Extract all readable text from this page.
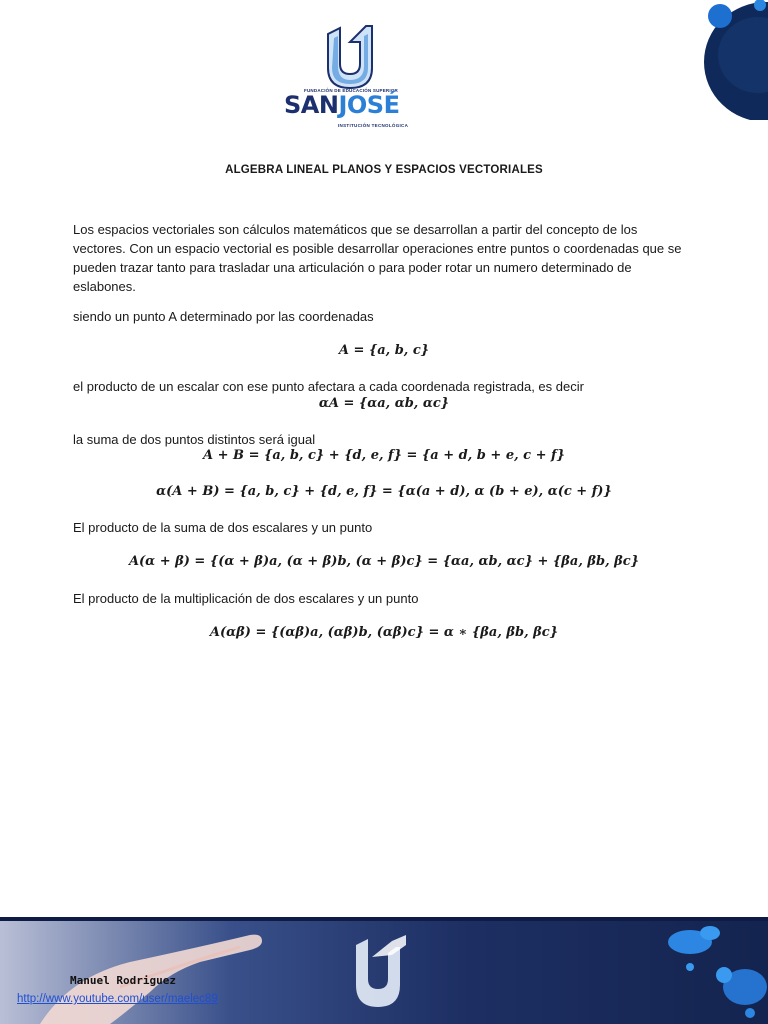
FUNDACIÓN DE EDUCACIÓN SUPERIOR
SANJOSÉ
INSTITUCIÓN TECNOLÓGICA
ALGEBRA LINEAL PLANOS Y ESPACIOS VECTORIALES
Los espacios vectoriales son cálculos matemáticos que se desarrollan a partir del concepto de los vectores. Con un espacio vectorial es posible desarrollar operaciones entre puntos o coordenadas que se pueden trazar tanto para trasladar una articulación o para poder rotar un numero determinado de eslabones.
siendo un punto A determinado por las coordenadas
A = {a, b, c}
el producto de un escalar con ese punto afectara a cada coordenada registrada, es decir
αA = {αa, αb, αc}
la suma de dos puntos distintos será igual
A + B = {a, b, c} + {d, e, f} = {a + d, b + e, c + f}
α(A + B) = {a, b, c} + {d, e, f} = {α(a + d), α (b + e), α(c + f)}
El producto de la suma de dos escalares y un punto
A(α + β) = {(α + β)a, (α + β)b, (α + β)c} = {αa, αb, αc} + {βa, βb, βc}
El producto de la multiplicación de dos escalares y un punto
A(αβ) = {(αβ)a, (αβ)b, (αβ)c} = α ∗ {βa, βb, βc}
Manuel Rodriguez
http://www.youtube.com/user/maelec89
